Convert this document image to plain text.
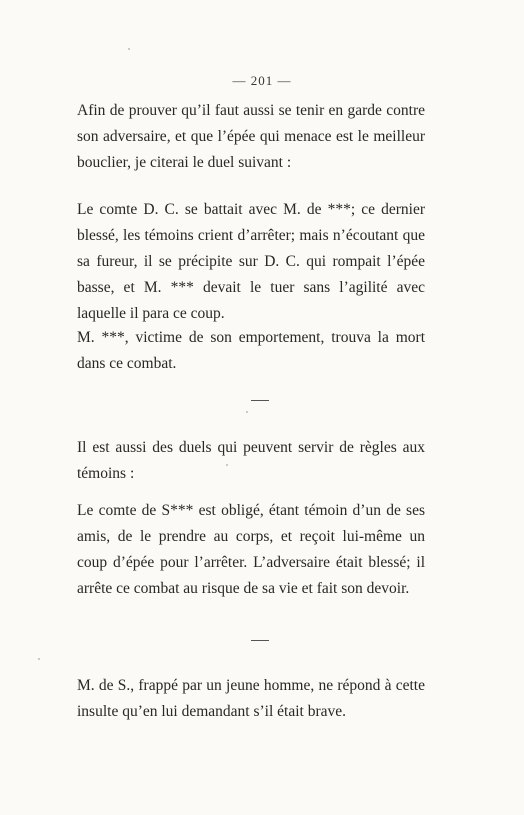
— 201 —

Afin de prouver qu’il faut aussi se tenir en garde contre son adversaire, et que l’épée qui menace est le meilleur bouclier, je citerai le duel suivant :

Le comte D. C. se battait avec M. de ***; ce dernier blessé, les témoins crient d’arrêter; mais n’écoutant que sa fureur, il se précipite sur D. C. qui rompait l’épée basse, et M. *** devait le tuer sans l’agilité avec laquelle il para ce coup.

M. ***, victime de son emportement, trouva la mort dans ce combat.

Il est aussi des duels qui peuvent servir de règles aux témoins :

Le comte de S*** est obligé, étant témoin d’un de ses amis, de le prendre au corps, et reçoit lui-même un coup d’épée pour l’arrêter. L’adversaire était blessé; il arrête ce combat au risque de sa vie et fait son devoir.

M. de S., frappé par un jeune homme, ne répond à cette insulte qu’en lui demandant s’il était brave.
